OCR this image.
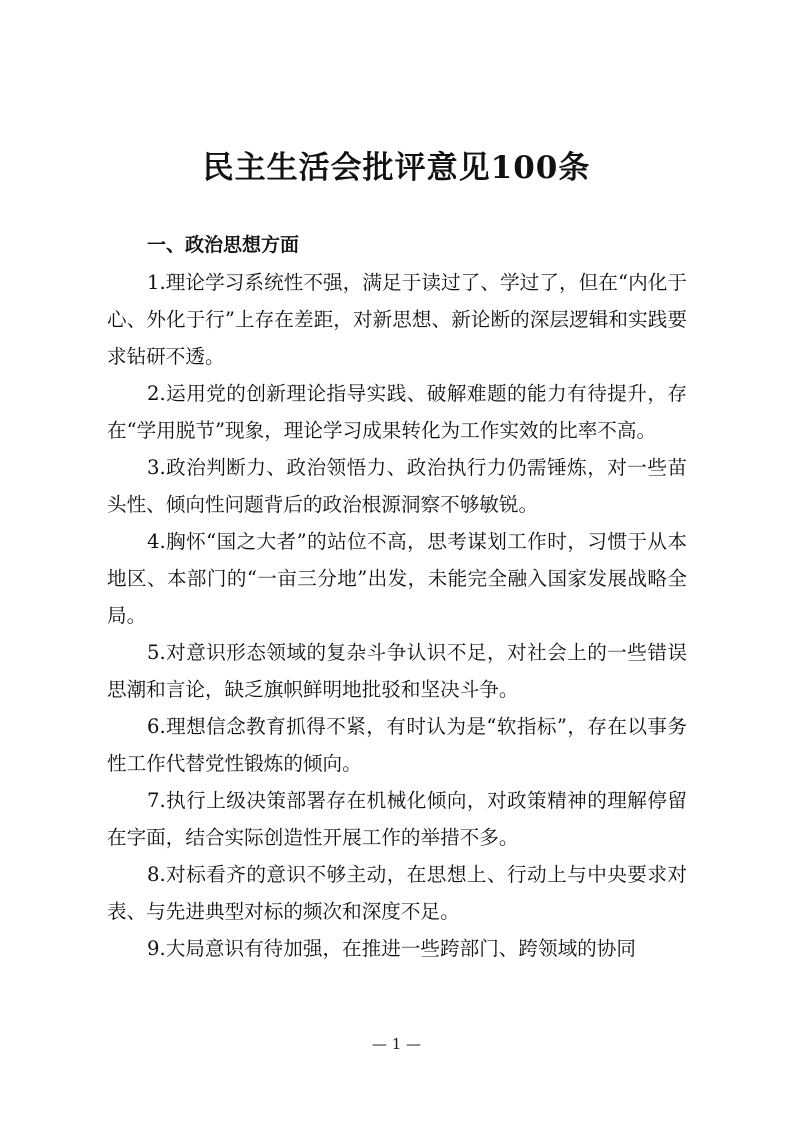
民主生活会批评意见100条
一、政治思想方面

1.理论学习系统性不强，满足于读过了、学过了，但在“内化于心、外化于行”上存在差距，对新思想、新论断的深层逻辑和实践要求钻研不透。

2.运用党的创新理论指导实践、破解难题的能力有待提升，存在“学用脱节”现象，理论学习成果转化为工作实效的比率不高。

3.政治判断力、政治领悟力、政治执行力仍需锤炼，对一些苗头性、倾向性问题背后的政治根源洞察不够敏锐。

4.胸怀“国之大者”的站位不高，思考谋划工作时，习惯于从本地区、本部门的“一亩三分地”出发，未能完全融入国家发展战略全局。

5.对意识形态领域的复杂斗争认识不足，对社会上的一些错误思潮和言论，缺乏旗帜鲜明地批驳和坚决斗争。

6.理想信念教育抓得不紧，有时认为是“软指标”，存在以事务性工作代替党性锻炼的倾向。

7.执行上级决策部署存在机械化倾向，对政策精神的理解停留在字面，结合实际创造性开展工作的举措不多。

8.对标看齐的意识不够主动，在思想上、行动上与中央要求对表、与先进典型对标的频次和深度不足。

9.大局意识有待加强，在推进一些跨部门、跨领域的协同

— 1 —
